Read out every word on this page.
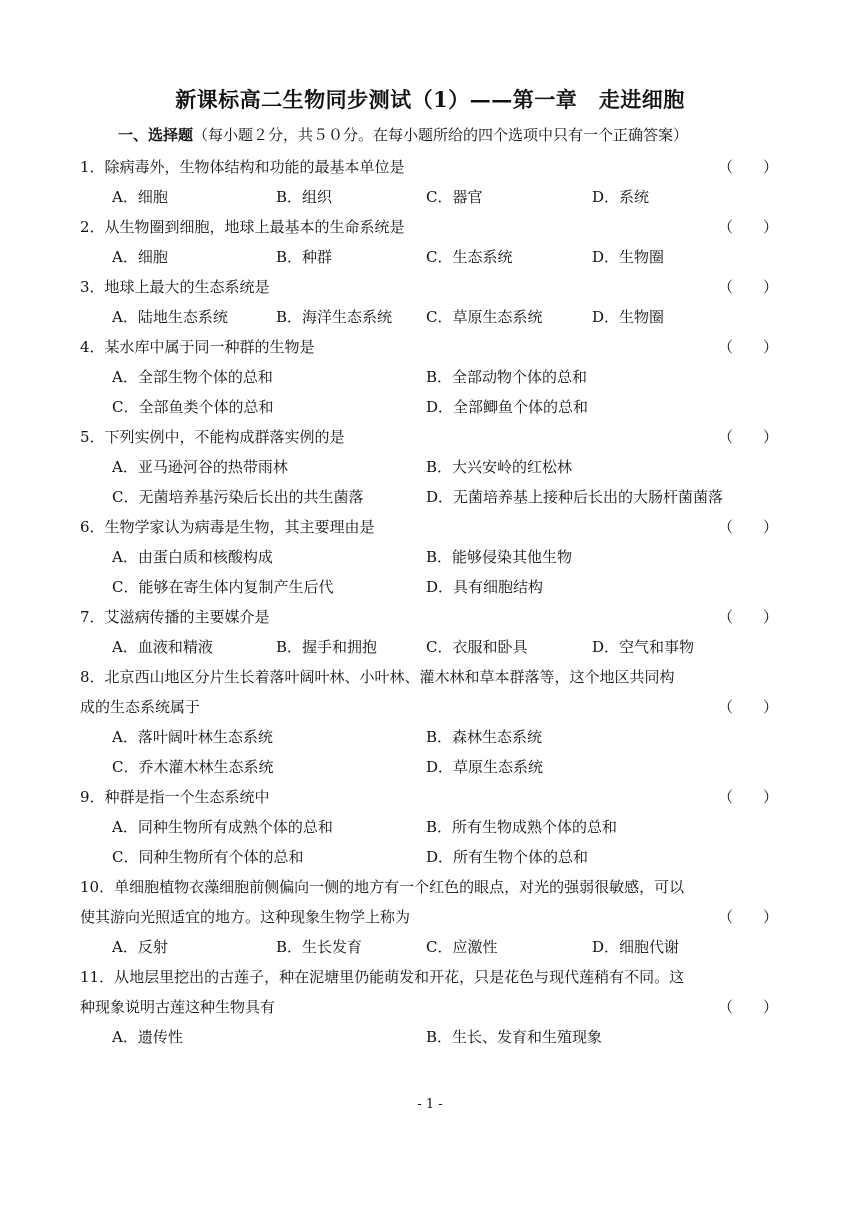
新课标高二生物同步测试（1）——第一章　走进细胞
一、选择题（每小题２分，共５０分。在每小题所给的四个选项中只有一个正确答案）
1．除病毒外，生物体结构和功能的最基本单位是	（ ）
A．细胞	B．组织	C．器官	D．系统
2．从生物圈到细胞，地球上最基本的生命系统是	（ ）
A．细胞	B．种群	C．生态系统	D．生物圈
3．地球上最大的生态系统是	（ ）
A．陆地生态系统	B．海洋生态系统 C．草原生态系统	D．生物圈
4．某水库中属于同一种群的生物是	（ ）
A．全部生物个体的总和	B．全部动物个体的总和
C．全部鱼类个体的总和	D．全部鲫鱼个体的总和
5．下列实例中，不能构成群落实例的是	（ ）
A．亚马逊河谷的热带雨林	B．大兴安岭的红松林
C．无菌培养基污染后长出的共生菌落	D．无菌培养基上接种后长出的大肠杆菌菌落
6．生物学家认为病毒是生物，其主要理由是	（ ）
A．由蛋白质和核酸构成	B．能够侵染其他生物
C．能够在寄生体内复制产生后代	D．具有细胞结构
7．艾滋病传播的主要媒介是	（ ）
A．血液和精液	B．握手和拥抱	C．衣服和卧具	D．空气和事物
8．北京西山地区分片生长着落叶阔叶林、小叶林、灌木林和草本群落等，这个地区共同构
成的生态系统属于	（ ）
A．落叶阔叶林生态系统	B．森林生态系统
C．乔木灌木林生态系统	D．草原生态系统
9．种群是指一个生态系统中	（ ）
A．同种生物所有成熟个体的总和	B．所有生物成熟个体的总和
C．同种生物所有个体的总和	D．所有生物个体的总和
10．单细胞植物衣藻细胞前侧偏向一侧的地方有一个红色的眼点，对光的强弱很敏感，可以
使其游向光照适宜的地方。这种现象生物学上称为	（ ）
A．反射	B．生长发育	C．应激性	D．细胞代谢
11．从地层里挖出的古莲子，种在泥塘里仍能萌发和开花，只是花色与现代莲稍有不同。这
种现象说明古莲这种生物具有	（ ）
A．遗传性	B．生长、发育和生殖现象
- 1 -
